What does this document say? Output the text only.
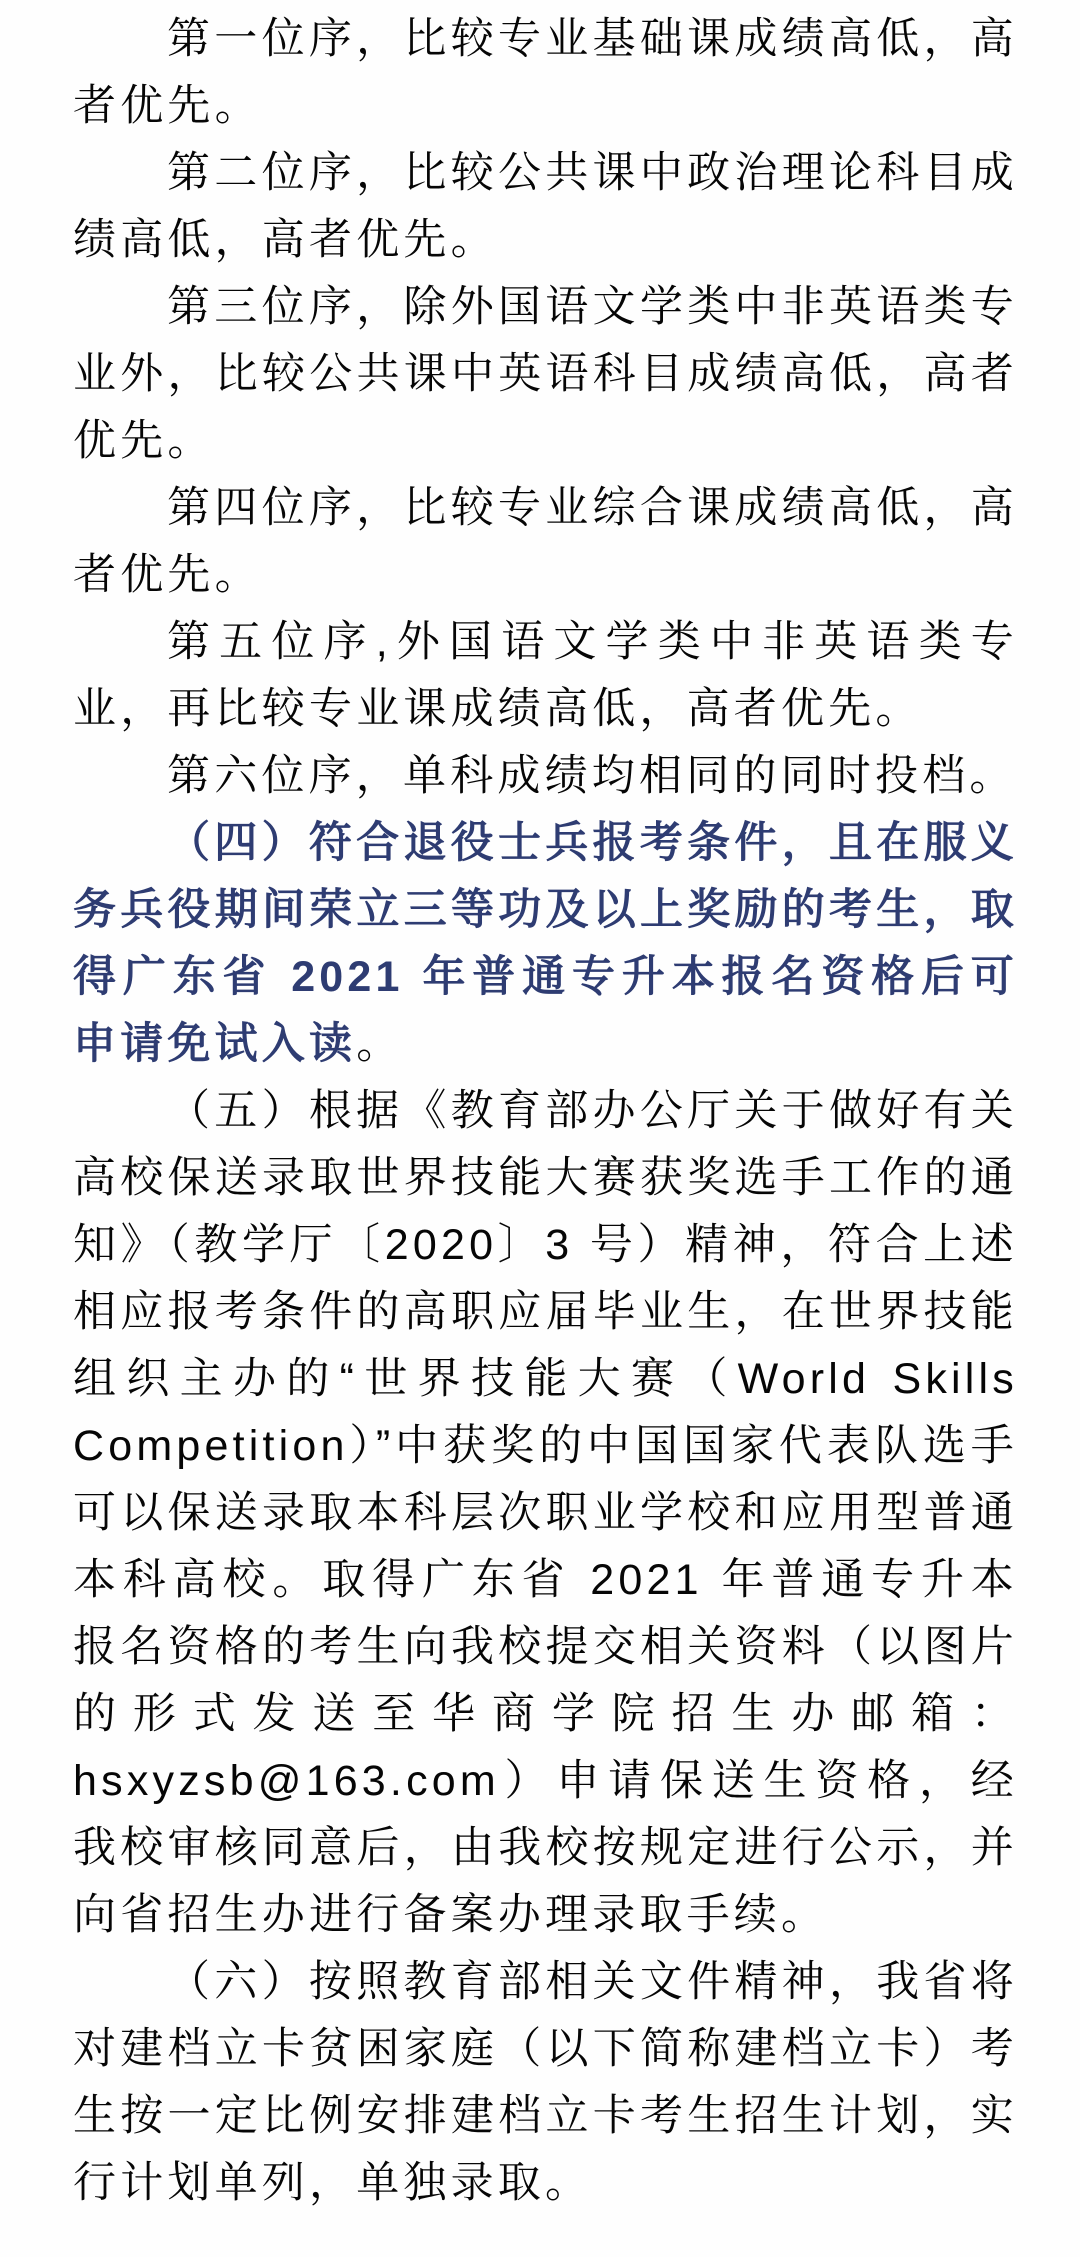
第一位序，比较专业基础课成绩高低，高者优先。

第二位序，比较公共课中政治理论科目成绩高低，高者优先。

第三位序，除外国语文学类中非英语类专业外，比较公共课中英语科目成绩高低，高者优先。

第四位序，比较专业综合课成绩高低，高者优先。

第五位序,外国语文学类中非英语类专业，再比较专业课成绩高低，高者优先。

第六位序，单科成绩均相同的同时投档。

（四）符合退役士兵报考条件，且在服义务兵役期间荣立三等功及以上奖励的考生，取得广东省 2021 年普通专升本报名资格后可申请免试入读。

（五）根据《教育部办公厅关于做好有关高校保送录取世界技能大赛获奖选手工作的通知》（教学厅〔2020〕3 号）精神，符合上述相应报考条件的高职应届毕业生，在世界技能组织主办的“世界技能大赛（World Skills Competition）”中获奖的中国国家代表队选手可以保送录取本科层次职业学校和应用型普通本科高校。取得广东省 2021 年普通专升本报名资格的考生向我校提交相关资料（以图片的形式发送至华商学院招生办邮箱：hsxyzsb@163.com）申请保送生资格，经我校审核同意后，由我校按规定进行公示，并向省招生办进行备案办理录取手续。

（六）按照教育部相关文件精神，我省将对建档立卡贫困家庭（以下简称建档立卡）考生按一定比例安排建档立卡考生招生计划，实行计划单列，单独录取。
